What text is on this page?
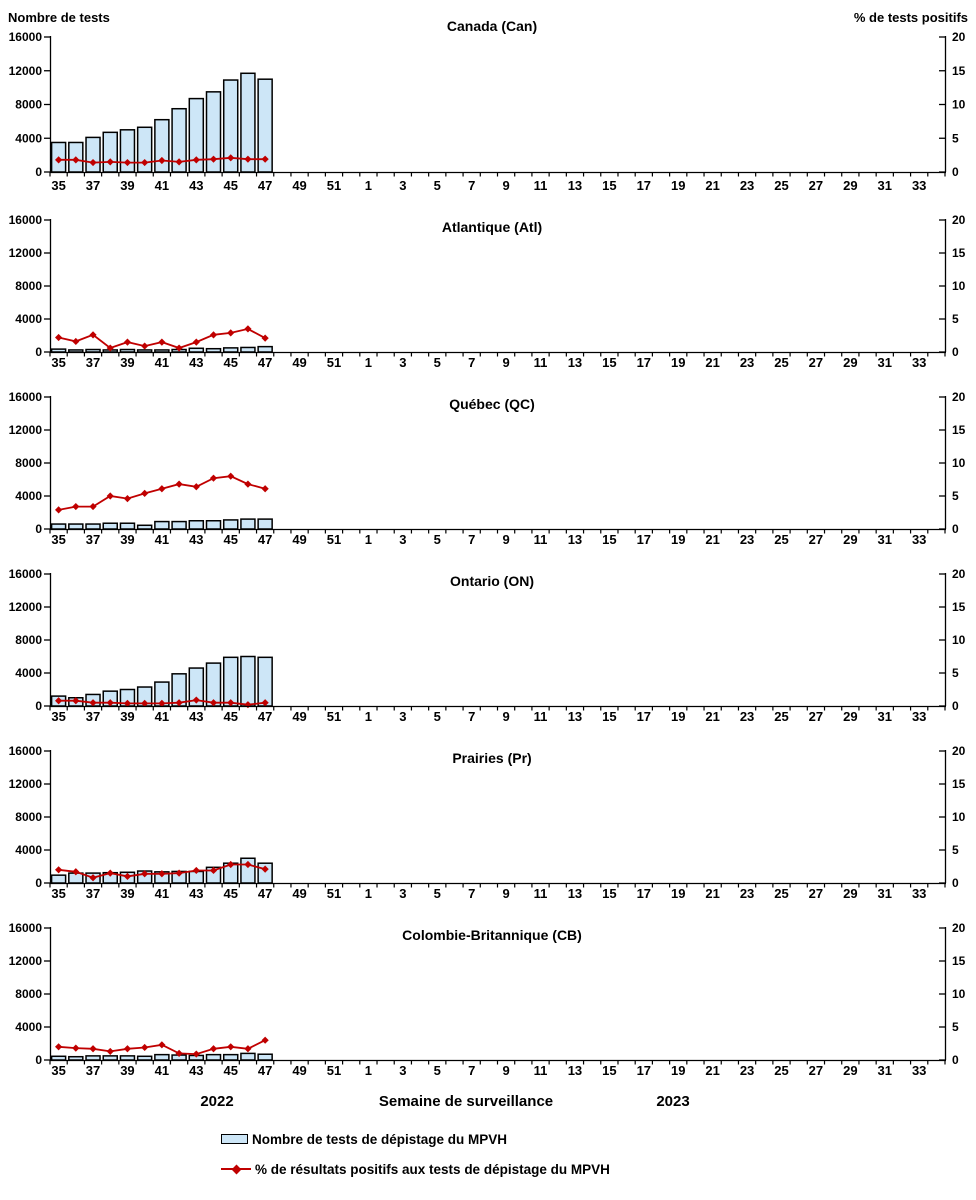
Nombre de tests	% de tests positifs
Canada (Can)
0
4000
8000
12000
16000
0
5
10
15
20
35 37 39 41 43 45 47 49 51 1 3 5 7 9 11 13 15 17 19 21 23 25 27 29 31 33
Atlantique (Atl)
0
4000
8000
12000
16000
0
5
10
15
20
35 37 39 41 43 45 47 49 51 1 3 5 7 9 11 13 15 17 19 21 23 25 27 29 31 33
Québec (QC)
0
4000
8000
12000
16000
0
5
10
15
20
35 37 39 41 43 45 47 49 51 1 3 5 7 9 11 13 15 17 19 21 23 25 27 29 31 33
Ontario (ON)
0
4000
8000
12000
16000
0
5
10
15
20
35 37 39 41 43 45 47 49 51 1 3 5 7 9 11 13 15 17 19 21 23 25 27 29 31 33
Prairies (Pr)
0
4000
8000
12000
16000
0
5
10
15
20
35 37 39 41 43 45 47 49 51 1 3 5 7 9 11 13 15 17 19 21 23 25 27 29 31 33
Colombie-Britannique (CB)
0
4000
8000
12000
16000
0
5
10
15
20
35 37 39 41 43 45 47 49 51 1 3 5 7 9 11 13 15 17 19 21 23 25 27 29 31 33
2022	Semaine de surveillance	2023
Nombre de tests de dépistage du MPVH
% de résultats positifs aux tests de dépistage du MPVH
